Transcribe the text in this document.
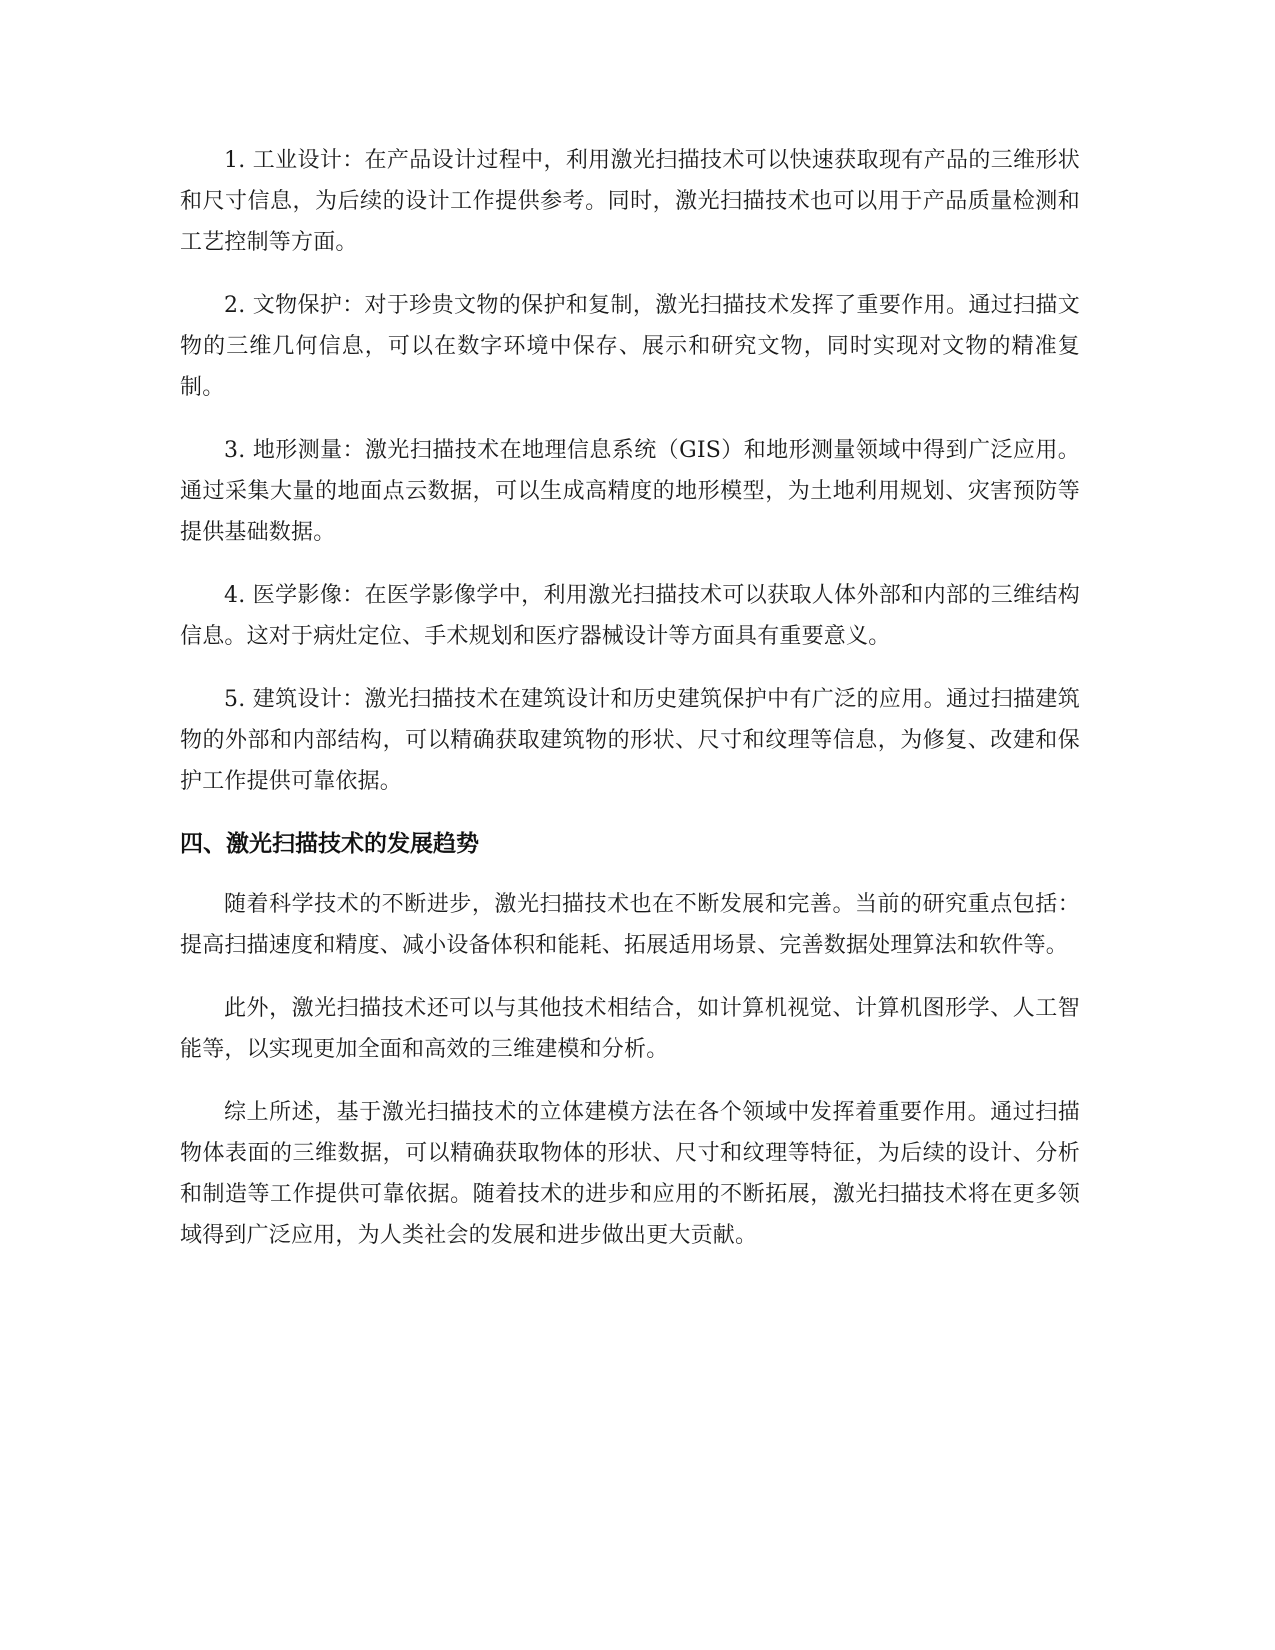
1. 工业设计：在产品设计过程中，利用激光扫描技术可以快速获取现有产品的三维形状和尺寸信息，为后续的设计工作提供参考。同时，激光扫描技术也可以用于产品质量检测和工艺控制等方面。

2. 文物保护：对于珍贵文物的保护和复制，激光扫描技术发挥了重要作用。通过扫描文物的三维几何信息，可以在数字环境中保存、展示和研究文物，同时实现对文物的精准复制。

3. 地形测量：激光扫描技术在地理信息系统（GIS）和地形测量领域中得到广泛应用。通过采集大量的地面点云数据，可以生成高精度的地形模型，为土地利用规划、灾害预防等提供基础数据。

4. 医学影像：在医学影像学中，利用激光扫描技术可以获取人体外部和内部的三维结构信息。这对于病灶定位、手术规划和医疗器械设计等方面具有重要意义。

5. 建筑设计：激光扫描技术在建筑设计和历史建筑保护中有广泛的应用。通过扫描建筑物的外部和内部结构，可以精确获取建筑物的形状、尺寸和纹理等信息，为修复、改建和保护工作提供可靠依据。

四、激光扫描技术的发展趋势

随着科学技术的不断进步，激光扫描技术也在不断发展和完善。当前的研究重点包括：提高扫描速度和精度、减小设备体积和能耗、拓展适用场景、完善数据处理算法和软件等。

此外，激光扫描技术还可以与其他技术相结合，如计算机视觉、计算机图形学、人工智能等，以实现更加全面和高效的三维建模和分析。

综上所述，基于激光扫描技术的立体建模方法在各个领域中发挥着重要作用。通过扫描物体表面的三维数据，可以精确获取物体的形状、尺寸和纹理等特征，为后续的设计、分析和制造等工作提供可靠依据。随着技术的进步和应用的不断拓展，激光扫描技术将在更多领域得到广泛应用，为人类社会的发展和进步做出更大贡献。
